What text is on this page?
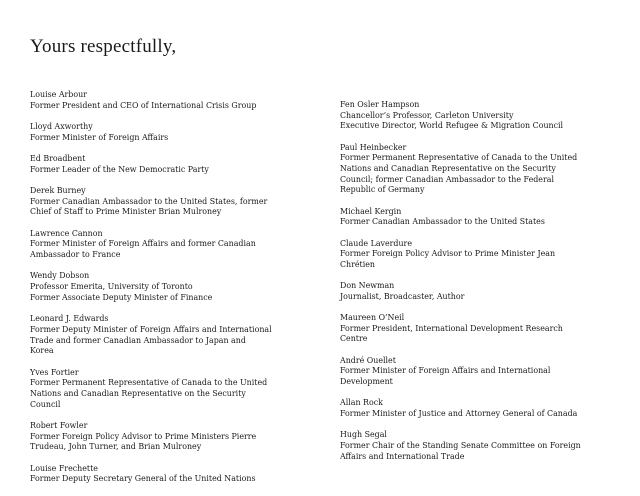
Yours respectfully,
Louise Arbour
Former President and CEO of International Crisis Group
Lloyd Axworthy
Former Minister of Foreign Affairs
Ed Broadbent
Former Leader of the New Democratic Party
Derek Burney
Former Canadian Ambassador to the United States, former
Chief of Staff to Prime Minister Brian Mulroney
Lawrence Cannon
Former Minister of Foreign Affairs and former Canadian
Ambassador to France
Wendy Dobson
Professor Emerita, University of Toronto
Former Associate Deputy Minister of Finance
Leonard J. Edwards
Former Deputy Minister of Foreign Affairs and International
Trade and former Canadian Ambassador to Japan and
Korea
Yves Fortier
Former Permanent Representative of Canada to the United
Nations and Canadian Representative on the Security
Council
Robert Fowler
Former Foreign Policy Advisor to Prime Ministers Pierre
Trudeau, John Turner, and Brian Mulroney
Louise Frechette
Former Deputy Secretary General of the United Nations
Fen Osler Hampson
Chancellor’s Professor, Carleton University
Executive Director, World Refugee & Migration Council
Paul Heinbecker
Former Permanent Representative of Canada to the United
Nations and Canadian Representative on the Security
Council; former Canadian Ambassador to the Federal
Republic of Germany
Michael Kergin
Former Canadian Ambassador to the United States
Claude Laverdure
Former Foreign Policy Advisor to Prime Minister Jean
Chrétien
Don Newman
Journalist, Broadcaster, Author
Maureen O’Neil
Former President, International Development Research
Centre
André Ouellet
Former Minister of Foreign Affairs and International
Development
Allan Rock
Former Minister of Justice and Attorney General of Canada
Hugh Segal
Former Chair of the Standing Senate Committee on Foreign
Affairs and International Trade
